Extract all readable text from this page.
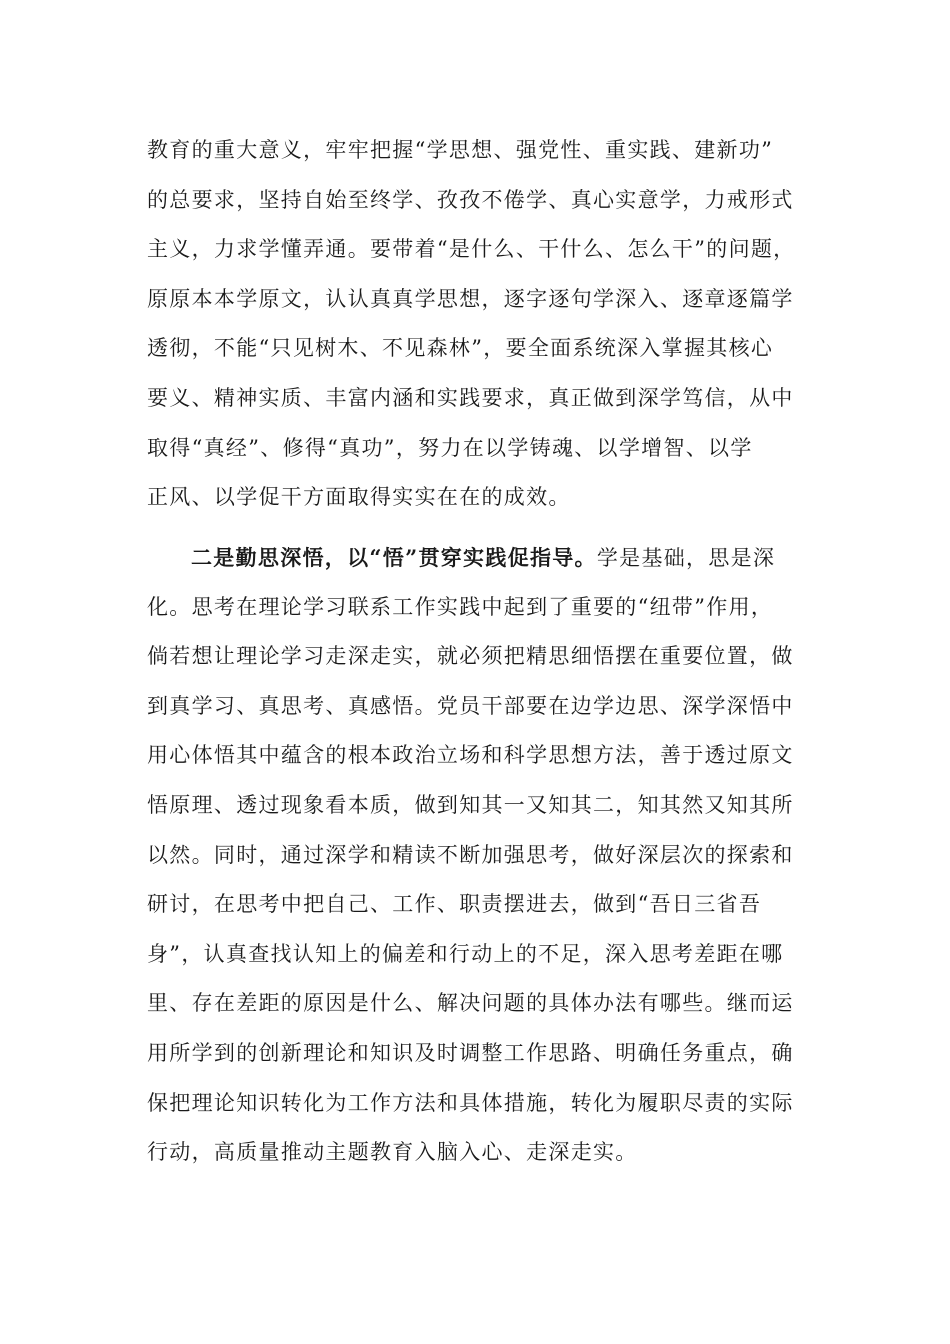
教育的重大意义，牢牢把握“学思想、强党性、重实践、建新功”
的总要求，坚持自始至终学、孜孜不倦学、真心实意学，力戒形式
主义，力求学懂弄通。要带着“是什么、干什么、怎么干”的问题，
原原本本学原文，认认真真学思想，逐字逐句学深入、逐章逐篇学
透彻，不能“只见树木、不见森林”，要全面系统深入掌握其核心
要义、精神实质、丰富内涵和实践要求，真正做到深学笃信，从中
取得“真经”、修得“真功”，努力在以学铸魂、以学增智、以学
正风、以学促干方面取得实实在在的成效。
二是勤思深悟，以“悟”贯穿实践促指导。学是基础，思是深
化。思考在理论学习联系工作实践中起到了重要的“纽带”作用，
倘若想让理论学习走深走实，就必须把精思细悟摆在重要位置，做
到真学习、真思考、真感悟。党员干部要在边学边思、深学深悟中
用心体悟其中蕴含的根本政治立场和科学思想方法，善于透过原文
悟原理、透过现象看本质，做到知其一又知其二，知其然又知其所
以然。同时，通过深学和精读不断加强思考，做好深层次的探索和
研讨，在思考中把自己、工作、职责摆进去，做到“吾日三省吾
身”，认真查找认知上的偏差和行动上的不足，深入思考差距在哪
里、存在差距的原因是什么、解决问题的具体办法有哪些。继而运
用所学到的创新理论和知识及时调整工作思路、明确任务重点，确
保把理论知识转化为工作方法和具体措施，转化为履职尽责的实际
行动，高质量推动主题教育入脑入心、走深走实。
